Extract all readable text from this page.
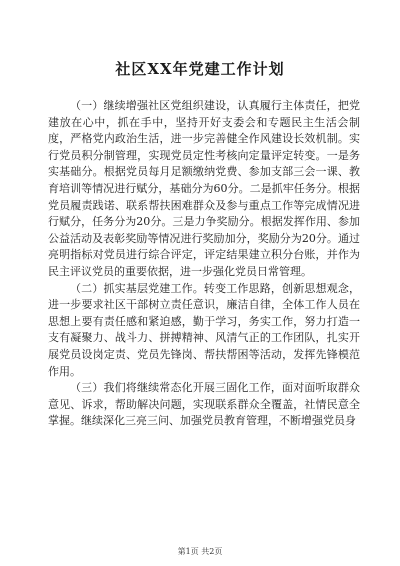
社区XX年党建工作计划

（一）继续增强社区党组织建设，认真履行主体责任，把党建放在心中，抓在手中，坚持开好支委会和专题民主生活会制度，严格党内政治生活，进一步完善健全作风建设长效机制。实行党员积分制管理，实现党员定性考核向定量评定转变。一是务实基础分。根据党员每月足额缴纳党费、参加支部三会一课、教育培训等情况进行赋分，基础分为60分。二是抓牢任务分。根据党员履责践诺、联系帮扶困难群众及参与重点工作等完成情况进行赋分，任务分为20分。三是力争奖励分。根据发挥作用、参加公益活动及表彰奖励等情况进行奖励加分，奖励分为20分。通过亮明指标对党员进行综合评定，评定结果建立积分台账，并作为民主评议党员的重要依据，进一步强化党员日常管理。

（二）抓实基层党建工作。转变工作思路，创新思想观念，进一步要求社区干部树立责任意识，廉洁自律，全体工作人员在思想上要有责任感和紧迫感，勤于学习，务实工作，努力打造一支有凝聚力、战斗力、拼搏精神、风清气正的工作团队，扎实开展党员设岗定责、党员先锋岗、帮扶帮困等活动，发挥先锋模范作用。

（三）我们将继续常态化开展三固化工作，面对面听取群众意见、诉求，帮助解决问题，实现联系群众全覆盖，社情民意全掌握。继续深化三亮三问、加强党员教育管理，不断增强党员身

第1页 共2页
